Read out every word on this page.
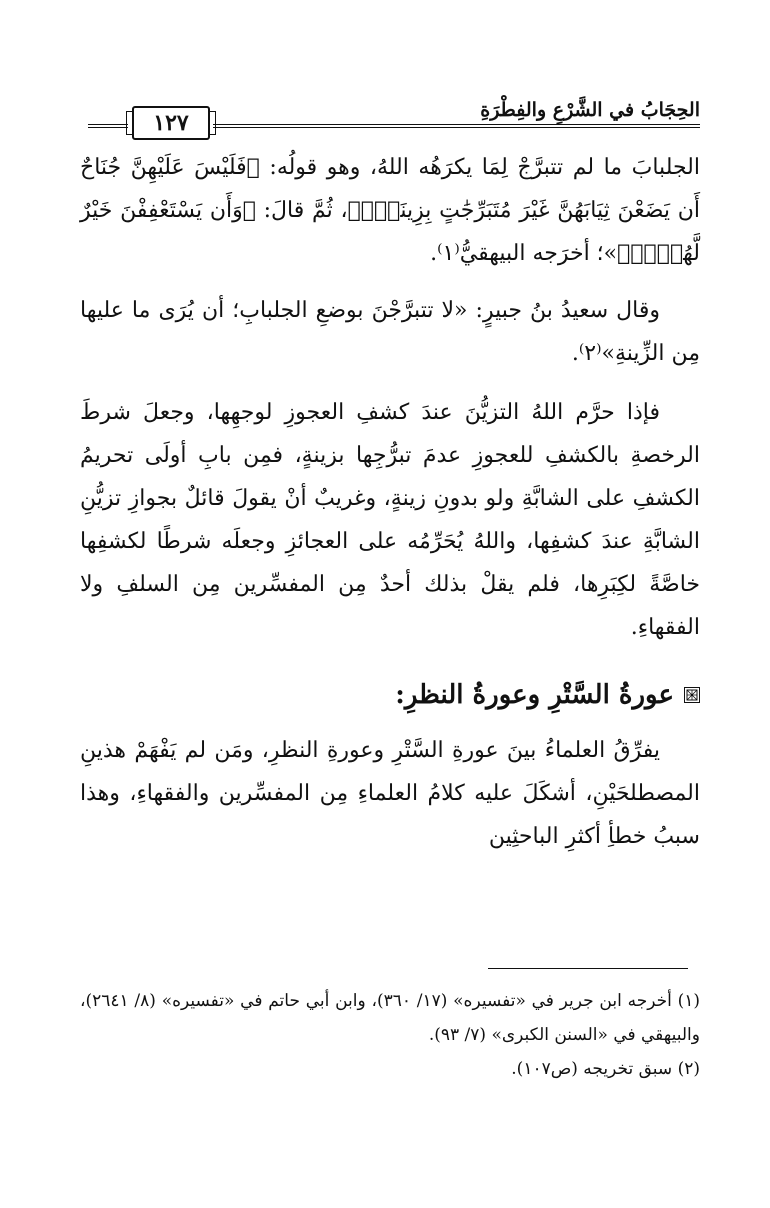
الحِجَابُ في الشَّرْعِ والفِطْرَةِ
١٢٧

الجلبابَ ما لم تتبرَّجْ لِمَا يكرَهُه اللهُ، وهو قولُه: ﴿فَلَيْسَ عَلَيْهِنَّ جُنَاحٌ أَن يَضَعْنَ ثِيَابَهُنَّ غَيْرَ مُتَبَرِّجَٰتٍ بِزِينَةٍۖ﴾، ثُمَّ قالَ: ﴿وَأَن يَسْتَعْفِفْنَ خَيْرٌ لَّهُنَّۗ﴾»؛ أخرَجه البيهقيُّ⁽١⁾.

وقال سعيدُ بنُ جبيرٍ: «لا تتبرَّجْنَ بوضعِ الجلبابِ؛ أن يُرَى ما عليها مِن الزِّينةِ»⁽٢⁾.

فإذا حرَّم اللهُ التزيُّنَ عندَ كشفِ العجوزِ لوجهِها، وجعلَ شرطَ الرخصةِ بالكشفِ للعجوزِ عدمَ تبرُّجِها بزينةٍ، فمِن بابِ أولَى تحريمُ الكشفِ على الشابَّةِ ولو بدونِ زينةٍ، وغريبٌ أنْ يقولَ قائلٌ بجوازِ تزيُّنِ الشابَّةِ عندَ كشفِها، واللهُ يُحَرِّمُه على العجائزِ وجعلَه شرطًا لكشفِها خاصَّةً لكِبَرِها، فلم يقلْ بذلك أحدٌ مِن المفسِّرين مِن السلفِ ولا الفقهاءِ.

عورةُ السَّتْرِ وعورةُ النظرِ:

يفرِّقُ العلماءُ بينَ عورةِ السَّتْرِ وعورةِ النظرِ، ومَن لم يَفْهَمْ هذينِ المصطلحَيْنِ، أشكَلَ عليه كلامُ العلماءِ مِن المفسِّرين والفقهاءِ، وهذا سببُ خطأِ أكثرِ الباحثِين

(١) أخرجه ابن جرير في «تفسيره» (١٧/ ٣٦٠)، وابن أبي حاتم في «تفسيره» (٨/ ٢٦٤١)، والبيهقي في «السنن الكبرى» (٧/ ٩٣).

(٢) سبق تخريجه (ص١٠٧).
